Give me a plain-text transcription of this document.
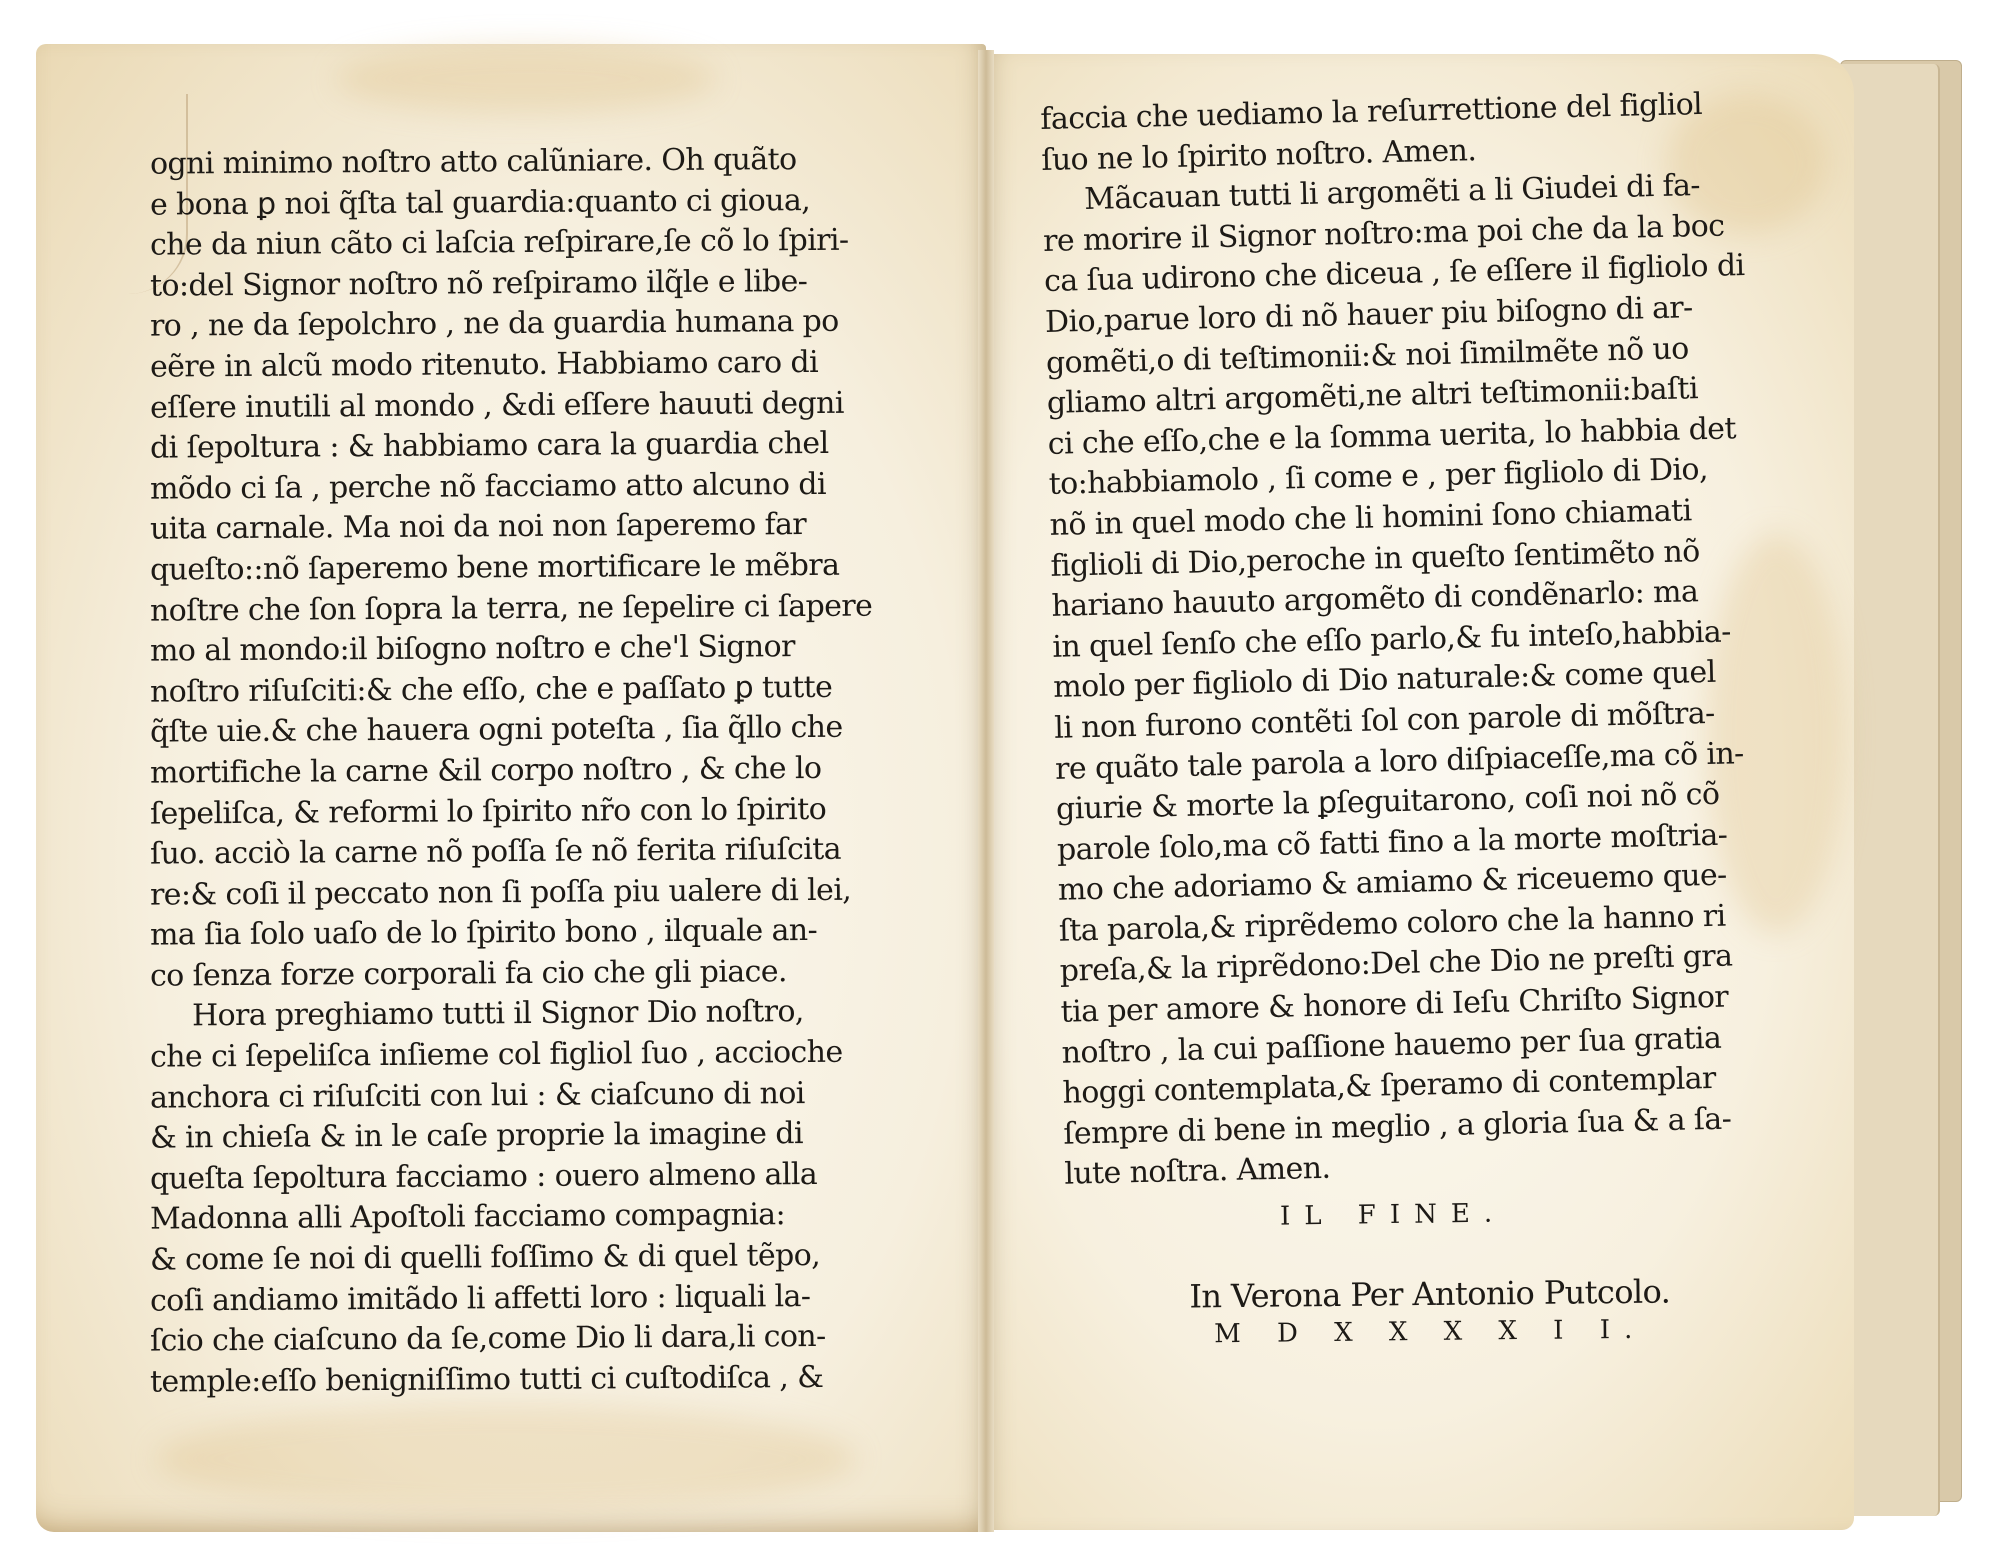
ogni minimo noſtro atto calũniare. Oh quãto
e bona ꝑ noi q̃ſta tal guardia:quanto ci gioua,
che da niun cãto ci laſcia reſpirare,ſe cõ lo ſpiri-
to:del Signor noſtro nõ reſpiramo ilq̃le e libe-
ro , ne da ſepolchro , ne da guardia humana po
eẽre in alcũ modo ritenuto. Habbiamo caro di
eſſere inutili al mondo , &di eſſere hauuti degni
di ſepoltura : & habbiamo cara la guardia chel
mõdo ci ſa , perche nõ facciamo atto alcuno di
uita carnale. Ma noi da noi non ſaperemo far
queſto::nõ ſaperemo bene mortificare le mẽbra
noſtre che ſon ſopra la terra, ne ſepelire ci ſapere
mo al mondo:il biſogno noſtro e che'l Signor
noſtro riſuſciti:& che eſſo, che e paſſato ꝑ tutte
q̃ſte uie.& che hauera ogni poteſta , ſia q̃llo che
mortifiche la carne &il corpo noſtro , & che lo
ſepeliſca, & reformi lo ſpirito nr̃o con lo ſpirito
ſuo. acciò la carne nõ poſſa ſe nõ ferita riſuſcita
re:& coſi il peccato non ſi poſſa piu ualere di lei,
ma ſia ſolo uaſo de lo ſpirito bono , ilquale an-
co ſenza forze corporali fa cio che gli piace.
Hora preghiamo tutti il Signor Dio noſtro,
che ci ſepeliſca inſieme col figliol ſuo , accioche
anchora ci riſuſciti con lui : & ciaſcuno di noi
& in chieſa & in le caſe proprie la imagine di
queſta ſepoltura facciamo : ouero almeno alla
Madonna alli Apoſtoli facciamo compagnia:
& come ſe noi di quelli foſſimo & di quel tẽpo,
coſi andiamo imitãdo li affetti loro : liquali la-
ſcio che ciaſcuno da ſe,come Dio li dara,li con-
temple:eſſo benigniſſimo tutti ci cuſtodiſca , &
faccia che uediamo la reſurrettione del figliol
ſuo ne lo ſpirito noſtro. Amen.
Mãcauan tutti li argomẽti a li Giudei di fa-
re morire il Signor noſtro:ma poi che da la boc
ca ſua udirono che diceua , ſe eſſere il figliolo di
Dio,parue loro di nõ hauer piu biſogno di ar-
gomẽti,o di teſtimonii:& noi ſimilmẽte nõ uo
gliamo altri argomẽti,ne altri teſtimonii:baſti
ci che eſſo,che e la ſomma uerita, lo habbia det
to:habbiamolo , ſi come e , per figliolo di Dio,
nõ in quel modo che li homini ſono chiamati
figlioli di Dio,peroche in queſto ſentimẽto nõ
hariano hauuto argomẽto di condẽnarlo: ma
in quel ſenſo che eſſo parlo,& fu inteſo,habbia-
molo per figliolo di Dio naturale:& come quel
li non furono contẽti ſol con parole di mõſtra-
re quãto tale parola a loro diſpiaceſſe,ma cõ in-
giurie & morte la ꝑſeguitarono, coſi noi nõ cõ
parole ſolo,ma cõ fatti fino a la morte moſtria-
mo che adoriamo & amiamo & riceuemo que-
ſta parola,& riprẽdemo coloro che la hanno ri
preſa,& la riprẽdono:Del che Dio ne preſti gra
tia per amore & honore di Ieſu Chriſto Signor
noſtro , la cui paſſione hauemo per ſua gratia
hoggi contemplata,& ſperamo di contemplar
ſempre di bene in meglio , a gloria ſua & a ſa-
lute noſtra. Amen.
IL FINE.
In Verona Per Antonio Putcolo.
M D X X X X I I.
